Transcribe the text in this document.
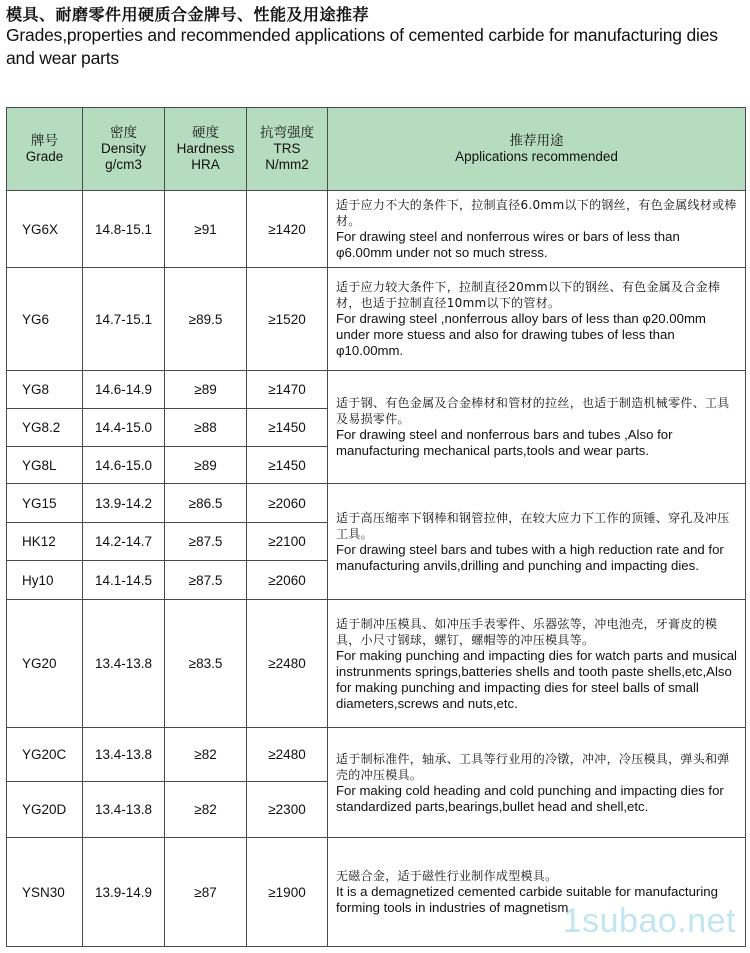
模具、耐磨零件用硬质合金牌号、性能及用途推荐
Grades,properties and recommended applications of cemented carbide for manufacturing dies and wear parts
牌号
Grade	密度
Density
g/cm3	硬度
Hardness
HRA	抗弯强度
TRS
N/mm2	推荐用途
Applications recommended

YG6X	14.8-15.1	≥91	≥1420	适于应力不大的条件下，拉制直径6.0mm以下的钢丝，有色金属线材或棒材。
For drawing steel and nonferrous wires or bars of less than φ6.00mm under not so much stress.

YG6	14.7-15.1	≥89.5	≥1520	适于应力较大条件下，拉制直径20mm以下的钢丝、有色金属及合金棒材，也适于拉制直径10mm以下的管材。
For drawing steel ,nonferrous alloy bars of less than φ20.00mm under more stuess and also for drawing tubes of less than φ10.00mm.

YG8	14.6-14.9	≥89	≥1470	适于钢、有色金属及合金棒材和管材的拉丝，也适于制造机械零件、工具及易损零件。
For drawing steel and nonferrous bars and tubes ,Also for manufacturing mechanical parts,tools and wear parts.

YG8.2	14.4-15.0	≥88	≥1450	
YG8L	14.6-15.0	≥89	≥1450	
YG15	13.9-14.2	≥86.5	≥2060	适于高压缩率下钢棒和钢管拉伸，在较大应力下工作的顶锤、穿孔及冲压工具。
For drawing steel bars and tubes with a high reduction rate and for manufacturing anvils,drilling and punching and impacting dies.

HK12	14.2-14.7	≥87.5	≥2100	
Hy10	14.1-14.5	≥87.5	≥2060	
YG20	13.4-13.8	≥83.5	≥2480	适于制冲压模具、如冲压手表零件、乐器弦等，冲电池壳，牙膏皮的模具，小尺寸钢球，螺钉，螺帽等的冲压模具等。
For making punching and impacting dies for watch parts and musical instrunments springs,batteries shells and tooth paste shells,etc,Also for making punching and impacting dies for steel balls of small diameters,screws and nuts,etc.

YG20C	13.4-13.8	≥82	≥2480	适于制标准件，轴承、工具等行业用的冷镦，冲冲，冷压模具，弹头和弹壳的冲压模具。
For making cold heading and cold punching and impacting dies for standardized parts,bearings,bullet head and shell,etc.

YG20D	13.4-13.8	≥82	≥2300	
YSN30	13.9-14.9	≥87	≥1900	无磁合金，适于磁性行业制作成型模具。
It is a demagnetized cemented carbide suitable for manufacturing forming tools in industries of magnetism
1subao.net
